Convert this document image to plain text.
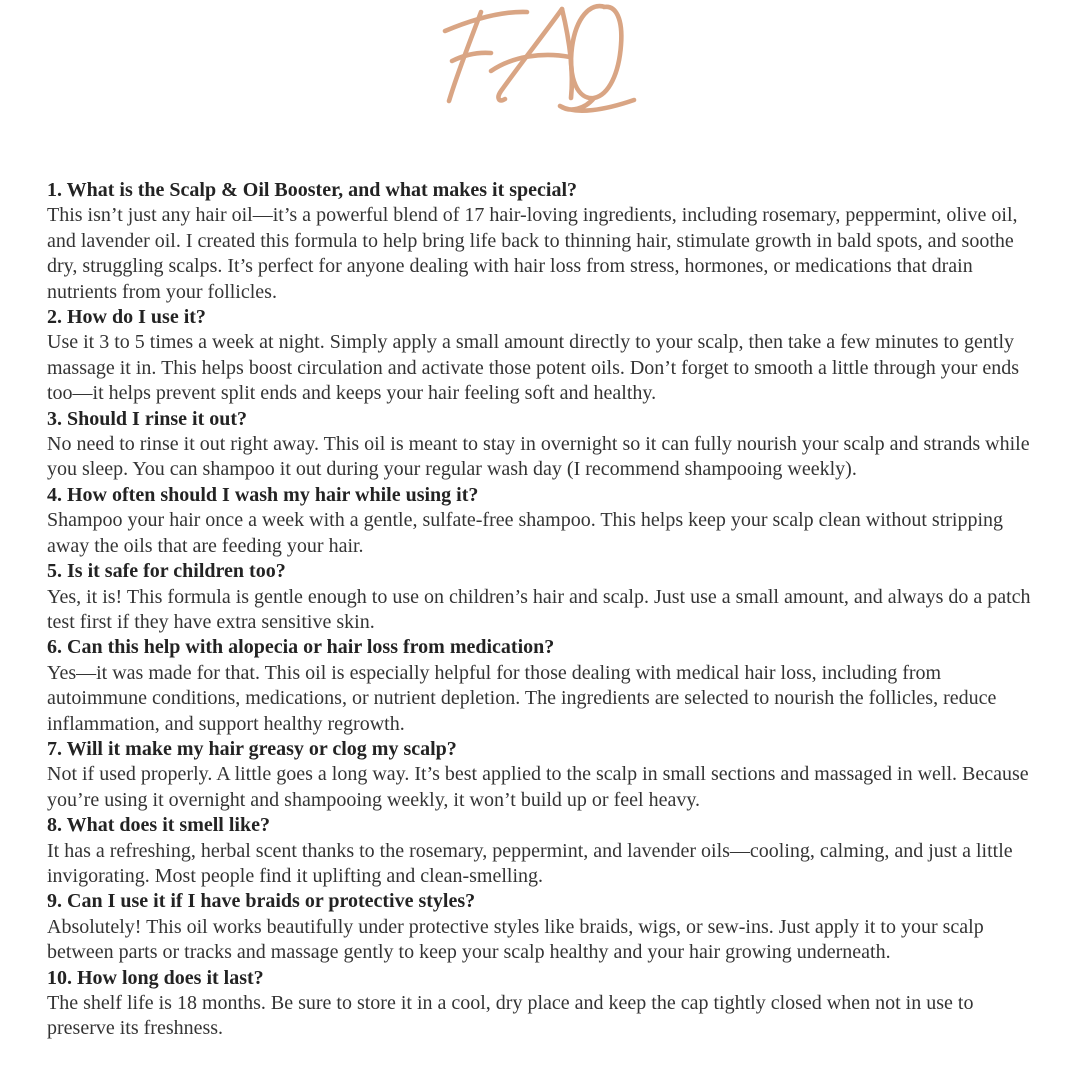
1. What is the Scalp & Oil Booster, and what makes it special?

This isn’t just any hair oil—it’s a powerful blend of 17 hair-loving ingredients, including rosemary, peppermint, olive oil, and lavender oil. I created this formula to help bring life back to thinning hair, stimulate growth in bald spots, and soothe dry, struggling scalps. It’s perfect for anyone dealing with hair loss from stress, hormones, or medications that drain nutrients from your follicles.

2. How do I use it?

Use it 3 to 5 times a week at night. Simply apply a small amount directly to your scalp, then take a few minutes to gently massage it in. This helps boost circulation and activate those potent oils. Don’t forget to smooth a little through your ends too—it helps prevent split ends and keeps your hair feeling soft and healthy.

3. Should I rinse it out?

No need to rinse it out right away. This oil is meant to stay in overnight so it can fully nourish your scalp and strands while you sleep. You can shampoo it out during your regular wash day (I recommend shampooing weekly).

4. How often should I wash my hair while using it?

Shampoo your hair once a week with a gentle, sulfate-free shampoo. This helps keep your scalp clean without stripping away the oils that are feeding your hair.

5. Is it safe for children too?

Yes, it is! This formula is gentle enough to use on children’s hair and scalp. Just use a small amount, and always do a patch test first if they have extra sensitive skin.

6. Can this help with alopecia or hair loss from medication?

Yes—it was made for that. This oil is especially helpful for those dealing with medical hair loss, including from autoimmune conditions, medications, or nutrient depletion. The ingredients are selected to nourish the follicles, reduce inflammation, and support healthy regrowth.

7. Will it make my hair greasy or clog my scalp?

Not if used properly. A little goes a long way. It’s best applied to the scalp in small sections and massaged in well. Because you’re using it overnight and shampooing weekly, it won’t build up or feel heavy.

8. What does it smell like?

It has a refreshing, herbal scent thanks to the rosemary, peppermint, and lavender oils—cooling, calming, and just a little invigorating. Most people find it uplifting and clean-smelling.

9. Can I use it if I have braids or protective styles?

Absolutely! This oil works beautifully under protective styles like braids, wigs, or sew-ins. Just apply it to your scalp between parts or tracks and massage gently to keep your scalp healthy and your hair growing underneath.

10. How long does it last?

The shelf life is 18 months. Be sure to store it in a cool, dry place and keep the cap tightly closed when not in use to preserve its freshness.
